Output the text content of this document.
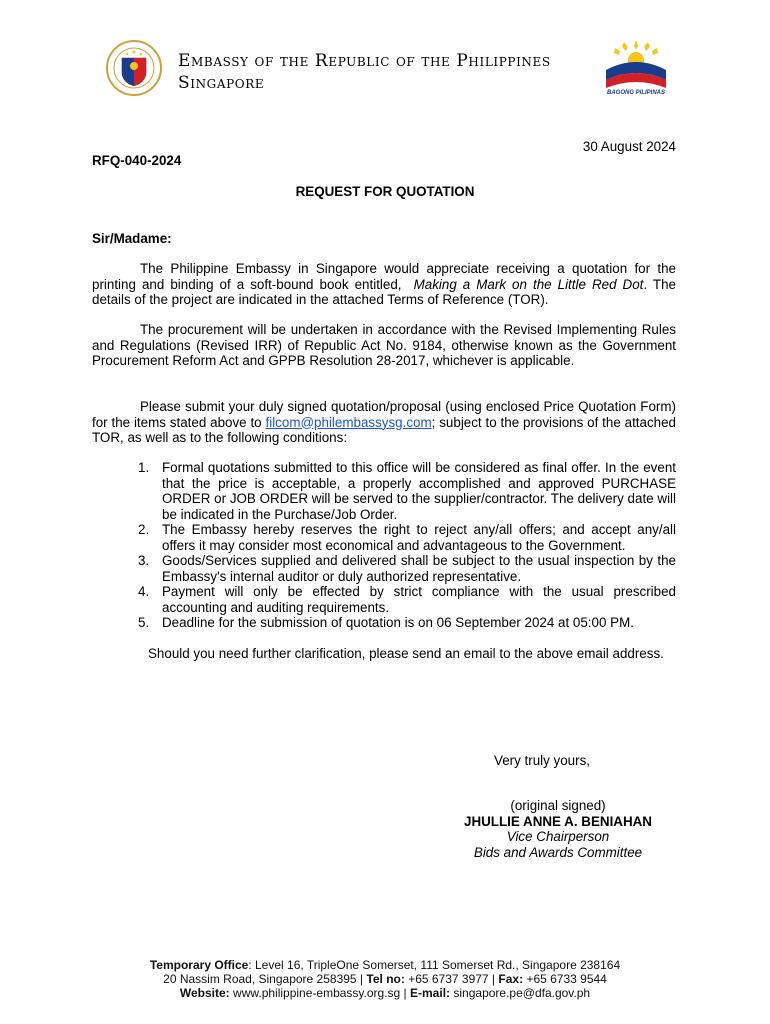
Embassy of the Republic of the Philippines
Singapore	BAGONG PILIPINAS
30 August 2024
RFQ-040-2024
REQUEST FOR QUOTATION
Sir/Madame:
The Philippine Embassy in Singapore would appreciate receiving a quotation for the printing and binding of a soft-bound book entitled, Making a Mark on the Little Red Dot. The details of the project are indicated in the attached Terms of Reference (TOR).
The procurement will be undertaken in accordance with the Revised Implementing Rules and Regulations (Revised IRR) of Republic Act No. 9184, otherwise known as the Government Procurement Reform Act and GPPB Resolution 28-2017, whichever is applicable.
Please submit your duly signed quotation/proposal (using enclosed Price Quotation Form) for the items stated above to filcom@philembassysg.com; subject to the provisions of the attached TOR, as well as to the following conditions:
1. Formal quotations submitted to this office will be considered as final offer. In the event that the price is acceptable, a properly accomplished and approved PURCHASE ORDER or JOB ORDER will be served to the supplier/contractor. The delivery date will be indicated in the Purchase/Job Order.
2. The Embassy hereby reserves the right to reject any/all offers; and accept any/all offers it may consider most economical and advantageous to the Government.
3. Goods/Services supplied and delivered shall be subject to the usual inspection by the Embassy's internal auditor or duly authorized representative.
4. Payment will only be effected by strict compliance with the usual prescribed accounting and auditing requirements.
5. Deadline for the submission of quotation is on 06 September 2024 at 05:00 PM.
Should you need further clarification, please send an email to the above email address.
Very truly yours,
(original signed)
JHULLIE ANNE A. BENIAHAN
Vice Chairperson
Bids and Awards Committee
Temporary Office: Level 16, TripleOne Somerset, 111 Somerset Rd., Singapore 238164
20 Nassim Road, Singapore 258395 | Tel no: +65 6737 3977 | Fax: +65 6733 9544
Website: www.philippine-embassy.org.sg | E-mail: singapore.pe@dfa.gov.ph
